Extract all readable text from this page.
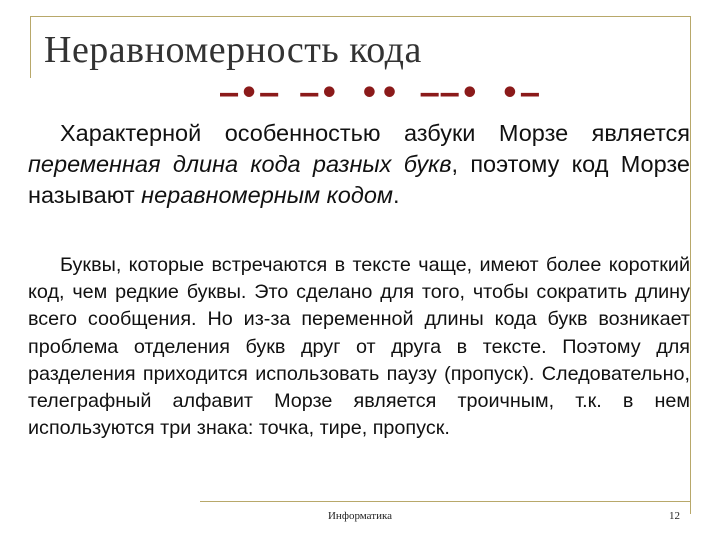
Неравномерность кода
–•– –• •• ––• •–
Характерной особенностью азбуки Морзе является переменная длина кода разных букв, поэтому код Морзе называют неравномерным кодом.
Буквы, которые встречаются в тексте чаще, имеют более короткий код, чем редкие буквы. Это сделано для того, чтобы сократить длину всего сообщения. Но из-за переменной длины кода букв возникает проблема отделения букв друг от друга в тексте. Поэтому для разделения приходится использовать паузу (пропуск). Следовательно, телеграфный алфавит Морзе является троичным, т.к. в нем используются три знака: точка, тире, пропуск.
Информатика	12
